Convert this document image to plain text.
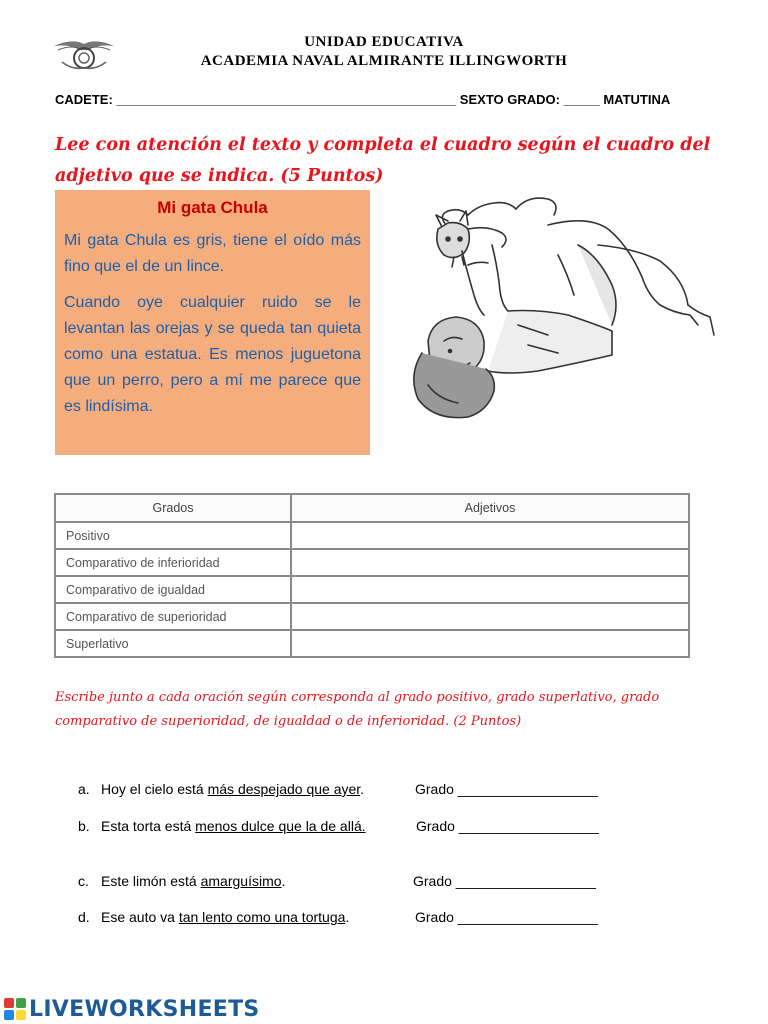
UNIDAD EDUCATIVA
ACADEMIA NAVAL ALMIRANTE ILLINGWORTH
CADETE: _______________________________________________ SEXTO GRADO: _____ MATUTINA
Lee con atención el texto y completa el cuadro según el cuadro del adjetivo que se indica. (5 Puntos)
Mi gata Chula
Mi gata Chula es gris, tiene el oído más fino que el de un lince.
Cuando oye cualquier ruido se le levantan las orejas y se queda tan quieta como una estatua. Es menos juguetona que un perro, pero a mí me parece que es lindísima.
Grados	Adjetivos
Positivo	
Comparativo de inferioridad	
Comparativo de igualdad	
Comparativo de superioridad	
Superlativo	
Escribe junto a cada oración según corresponda al grado positivo, grado superlativo, grado comparativo de superioridad, de igualdad o de inferioridad. (2 Puntos)
a. Hoy el cielo está más despejado que ayer.	Grado __________________
b. Esta torta está menos dulce que la de allá.	Grado __________________
c. Este limón está amarguísimo.	Grado __________________
d. Ese auto va tan lento como una tortuga.	Grado __________________
LIVEWORKSHEETS
